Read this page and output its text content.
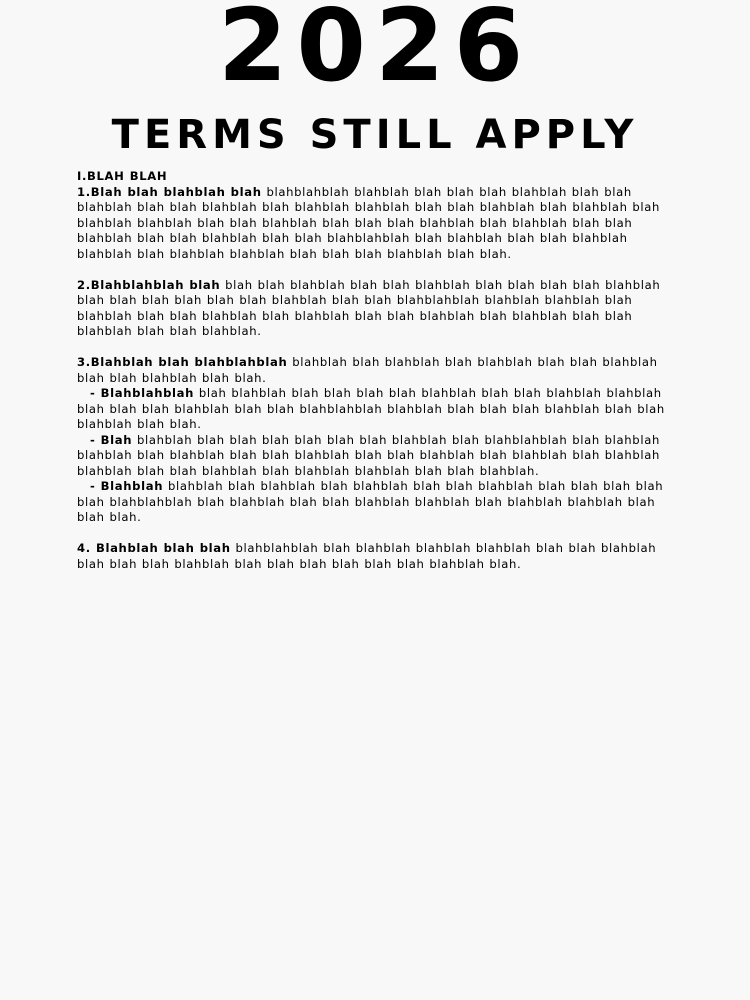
2026
TERMS STILL APPLY

I.BLAH BLAH

1.Blah blah blahblah blah blahblahblah blahblah blah blah blah blahblah blah blah blahblah blah blah blahblah blah blahblah blahblah blah blah blahblah blah blahblah blah blahblah blahblah blah blah blahblah blah blah blah blahblah blah blahblah blah blah blahblah blah blah blahblah blah blah blahblahblah blah blahblah blah blah blahblah blahblah blah blahblah blahblah blah blah blah blahblah blah blah.

2.Blahblahblah blah blah blah blahblah blah blah blahblah blah blah blah blah blahblah blah blah blah blah blah blah blahblah blah blah blahblahblah blahblah blahblah blah blahblah blah blah blahblah blah blahblah blah blah blahblah blah blahblah blah blah blahblah blah blah blahblah.

3.Blahblah blah blahblahblah blahblah blah blahblah blah blahblah blah blah blahblah blah blah blahblah blah blah.

- Blahblahblah blah blahblah blah blah blah blah blahblah blah blah blahblah blahblah blah blah blah blahblah blah blah blahblahblah blahblah blah blah blah blahblah blah blah blahblah blah blah.

- Blah blahblah blah blah blah blah blah blah blahblah blah blahblahblah blah blahblah blahblah blah blahblah blah blah blahblah blah blah blahblah blah blahblah blah blahblah blahblah blah blah blahblah blah blahblah blahblah blah blah blahblah.

- Blahblah blahblah blah blahblah blah blahblah blah blah blahblah blah blah blah blah blah blahblahblah blah blahblah blah blah blahblah blahblah blah blahblah blahblah blah blah blah.

4. Blahblah blah blah blahblahblah blah blahblah blahblah blahblah blah blah blahblah blah blah blah blahblah blah blah blah blah blah blah blahblah blah.
